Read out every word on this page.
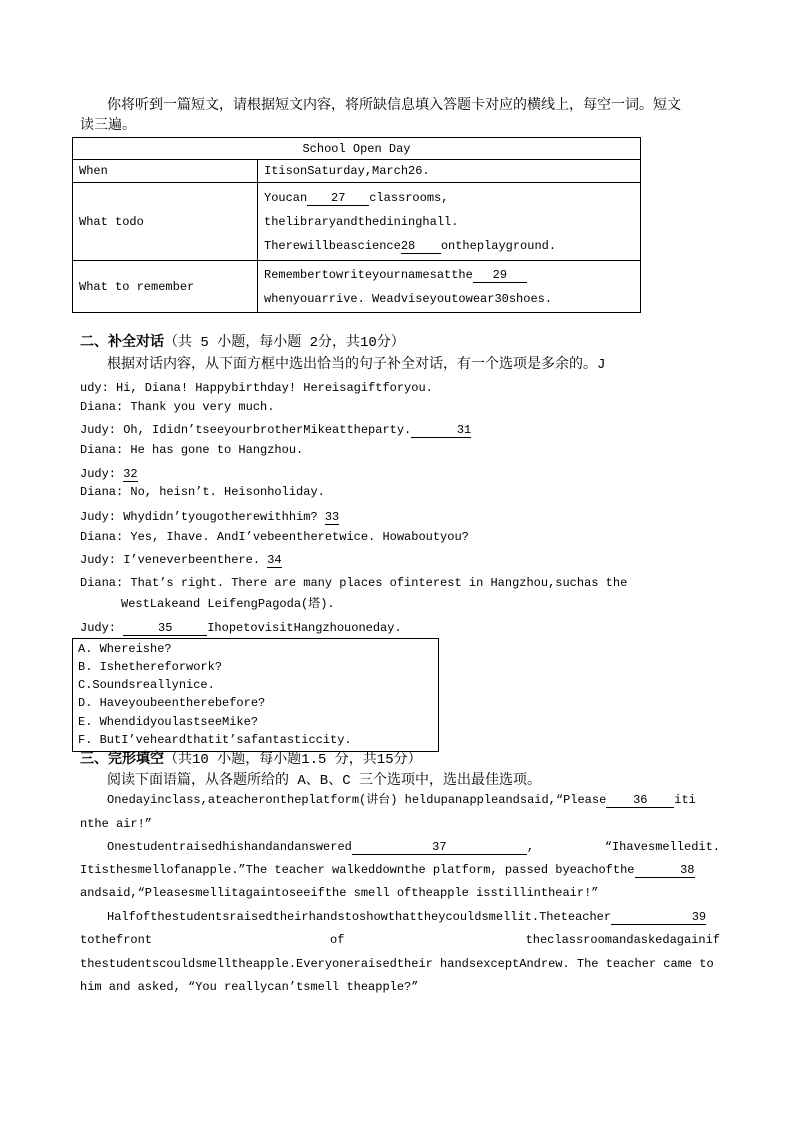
你将听到一篇短文，请根据短文内容，将所缺信息填入答题卡对应的横线上，每空一词。短文
读三遍。
School Open Day	
When	ItisonSaturday,March26.
What todo	Youcan 27 classrooms,
thelibraryandthedininghall.
Therewillbeascience28 ontheplayground.

What to remember	Remembertowriteyournamesatthe 29
whenyouarrive. Weadviseyoutowear30shoes.
二、补全对话（共 5 小题，每小题 2分，共10分）
根据对话内容，从下面方框中选出恰当的句子补全对话，有一个选项是多余的。J
udy: Hi, Diana! Happybirthday! Hereisagiftforyou.
Diana: Thank you very much.
Judy: Oh, Ididn’tseeyourbrotherMikeattheparty.	31
Diana: He has gone to Hangzhou.
Judy: 32
Diana: No, heisn’t. Heisonholiday.
Judy: Whydidn’tyougotherewithhim? 33
Diana: Yes, Ihave. AndI’vebeentheretwice. Howaboutyou?
Judy: I’veneverbeenthere. 34
Diana: That’s right. There are many places ofinterest in Hangzhou,suchas the
WestLakeand LeifengPagoda(塔).
Judy:	35	IhopetovisitHangzhouoneday.
A. Whereishe?
B. Ishethereforwork?
C.Soundsreallynice.
D. Haveyoubeentherebefore?
E. WhendidyoulastseeMike?
F. ButI’veheardthatit’safantasticcity.
三、完形填空（共10 小题，每小题1.5 分，共15分）
阅读下面语篇，从各题所给的 A、B、C 三个选项中，选出最佳选项。
Onedayinclass,ateacherontheplatform(讲台) heldupanappleandsaid,“Please 36 iti
nthe air!”
Onestudentraisedhishandandanswered	37	,	“Ihavesmelledit.
Itisthesmellofanapple.”The teacher walkeddownthe platform, passed byeachofthe	38
andsaid,“Pleasesmellitagaintoseeifthe smell oftheapple isstillintheair!”
Halfofthestudentsraisedtheirhandstoshowthattheycouldsmellit.Theteacher	39
tothefront	of	theclassroomandaskedagainif
thestudentscouldsmelltheapple.Everyoneraisedtheir handsexceptAndrew. The teacher came to
him and asked, “You reallycan’tsmell theapple?”
